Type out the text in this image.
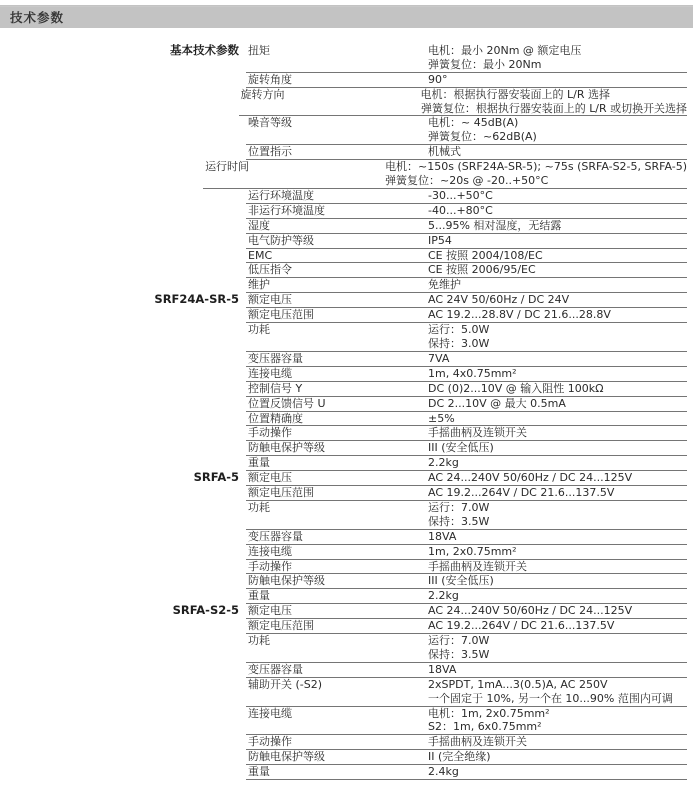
技术参数
基本技术参数 扭矩	电机：最小 20Nm @ 额定电压
弹簧复位：最小 20Nm
旋转角度	90°
旋转方向	电机：根据执行器安装面上的 L/R 选择
弹簧复位：根据执行器安装面上的 L/R 或切换开关选择
噪音等级	电机：~ 45dB(A)
弹簧复位：~62dB(A)
位置指示	机械式
运行时间	电机：~150s (SRF24A-SR-5); ~75s (SRFA-S2-5, SRFA-5)
弹簧复位：~20s @ -20..+50°C
运行环境温度	-30...+50°C
非运行环境温度	-40...+80°C
湿度	5...95% 相对湿度，无结露
电气防护等级	IP54
EMC	CE 按照 2004/108/EC
低压指令	CE 按照 2006/95/EC
维护	免维护
SRF24A-SR-5 额定电压	AC 24V 50/60Hz / DC 24V
额定电压范围	AC 19.2...28.8V / DC 21.6...28.8V
功耗	运行：5.0W
保持：3.0W
变压器容量	7VA
连接电缆	1m, 4x0.75mm²
控制信号 Y	DC (0)2...10V @ 输入阻性 100kΩ
位置反馈信号 U	DC 2...10V @ 最大 0.5mA
位置精确度	±5%
手动操作	手摇曲柄及连锁开关
防触电保护等级	III (安全低压)
重量	2.2kg
SRFA-5 额定电压	AC 24...240V 50/60Hz / DC 24...125V
额定电压范围	AC 19.2...264V / DC 21.6...137.5V
功耗	运行：7.0W
保持：3.5W
变压器容量	18VA
连接电缆	1m, 2x0.75mm²
手动操作	手摇曲柄及连锁开关
防触电保护等级	III (安全低压)
重量	2.2kg
SRFA-S2-5 额定电压	AC 24...240V 50/60Hz / DC 24...125V
额定电压范围	AC 19.2...264V / DC 21.6...137.5V
功耗	运行：7.0W
保持：3.5W
变压器容量	18VA
辅助开关 (-S2)	2xSPDT, 1mA...3(0.5)A, AC 250V
一个固定于 10%, 另一个在 10...90% 范围内可调
连接电缆	电机：1m, 2x0.75mm²
S2：1m, 6x0.75mm²
手动操作	手摇曲柄及连锁开关
防触电保护等级	II (完全绝缘)
重量	2.4kg
